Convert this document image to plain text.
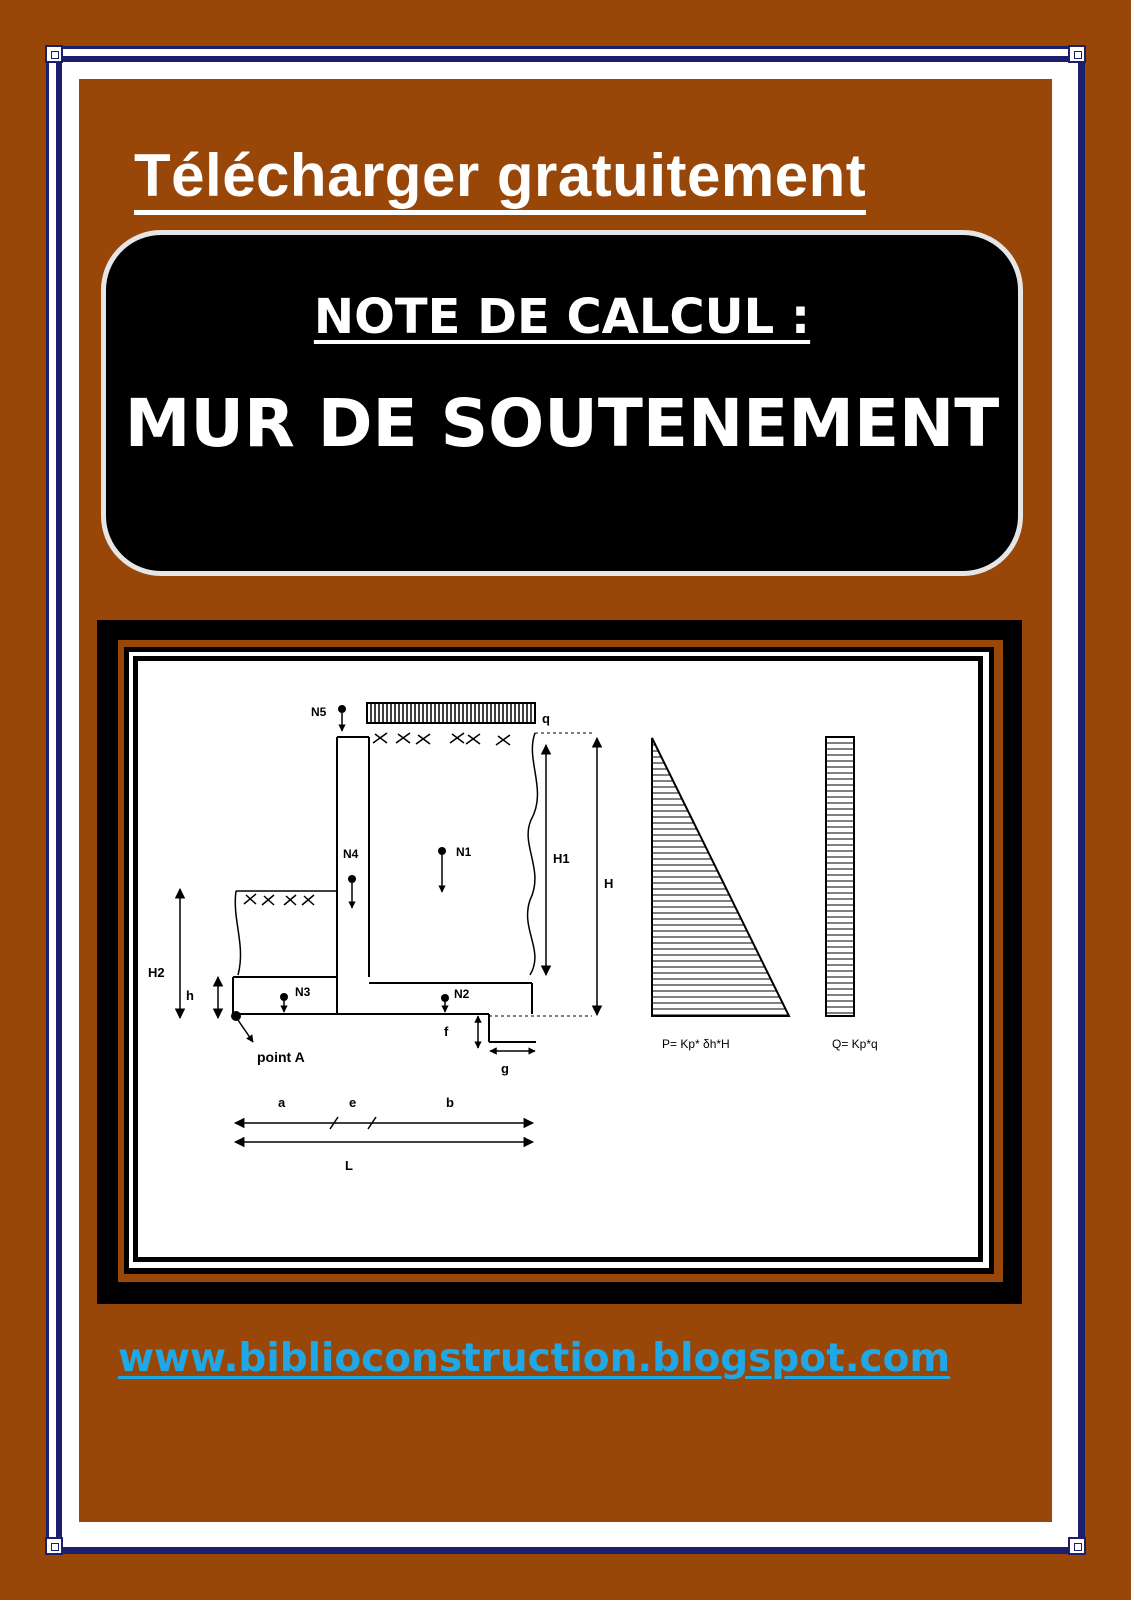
Télécharger gratuitement
NOTE DE CALCUL :
MUR DE SOUTENEMENT
N5	q
N4	N1
N3	N2
point A
H1
H
H2
h
f
g
a	e	b
L
P= Kp* δh*H	Q= Kp*q
www.biblioconstruction.blogspot.com
